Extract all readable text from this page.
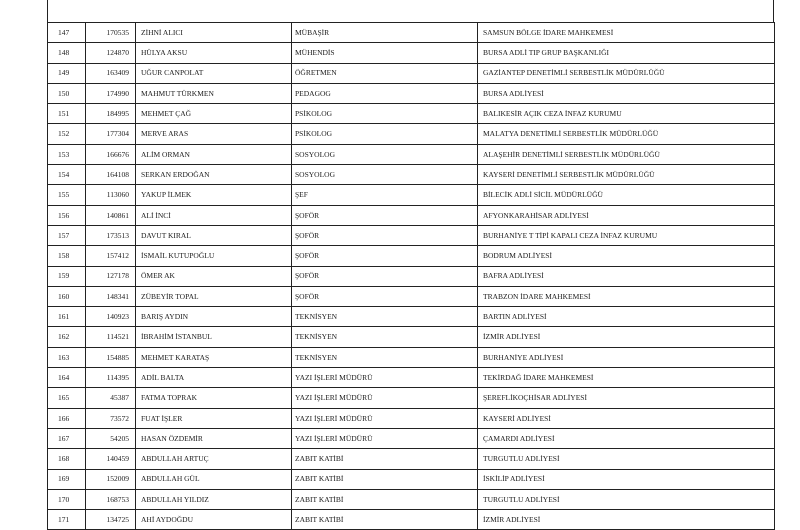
147	170535	ZİHNİ ALICI	MÜBAŞİR	SAMSUN BÖLGE İDARE MAHKEMESİ
148	124870	HÜLYA AKSU	MÜHENDİS	BURSA ADLİ TIP GRUP BAŞKANLIĞI
149	163409	UĞUR CANPOLAT	ÖĞRETMEN	GAZİANTEP DENETİMLİ SERBESTLİK MÜDÜRLÜĞÜ
150	174990	MAHMUT TÜRKMEN	PEDAGOG	BURSA ADLİYESİ
151	184995	MEHMET ÇAĞ	PSİKOLOG	BALIKESİR AÇIK CEZA İNFAZ KURUMU
152	177304	MERVE ARAS	PSİKOLOG	MALATYA DENETİMLİ SERBESTLİK MÜDÜRLÜĞÜ
153	166676	ALİM ORMAN	SOSYOLOG	ALAŞEHİR DENETİMLİ SERBESTLİK MÜDÜRLÜĞÜ
154	164108	SERKAN ERDOĞAN	SOSYOLOG	KAYSERİ DENETİMLİ SERBESTLİK MÜDÜRLÜĞÜ
155	113060	YAKUP İLMEK	ŞEF	BİLECİK ADLİ SİCİL MÜDÜRLÜĞÜ
156	140861	ALİ İNCİ	ŞOFÖR	AFYONKARAHİSAR ADLİYESİ
157	173513	DAVUT KIRAL	ŞOFÖR	BURHANİYE T TİPİ KAPALI CEZA İNFAZ KURUMU
158	157412	İSMAİL KUTUPOĞLU	ŞOFÖR	BODRUM ADLİYESİ
159	127178	ÖMER AK	ŞOFÖR	BAFRA ADLİYESİ
160	148341	ZÜBEYİR TOPAL	ŞOFÖR	TRABZON İDARE MAHKEMESİ
161	140923	BARIŞ AYDIN	TEKNİSYEN	BARTIN ADLİYESİ
162	114521	İBRAHİM İSTANBUL	TEKNİSYEN	İZMİR ADLİYESİ
163	154885	MEHMET KARATAŞ	TEKNİSYEN	BURHANİYE ADLİYESİ
164	114395	ADİL BALTA	YAZI İŞLERİ MÜDÜRÜ	TEKİRDAĞ İDARE MAHKEMESİ
165	45387	FATMA TOPRAK	YAZI İŞLERİ MÜDÜRÜ	ŞEREFLİKOÇHİSAR ADLİYESİ
166	73572	FUAT İŞLER	YAZI İŞLERİ MÜDÜRÜ	KAYSERİ ADLİYESİ
167	54205	HASAN ÖZDEMİR	YAZI İŞLERİ MÜDÜRÜ	ÇAMARDI ADLİYESİ
168	140459	ABDULLAH ARTUÇ	ZABIT KATİBİ	TURGUTLU ADLİYESİ
169	152009	ABDULLAH GÜL	ZABIT KATİBİ	İSKİLİP ADLİYESİ
170	168753	ABDULLAH YILDIZ	ZABIT KATİBİ	TURGUTLU ADLİYESİ
171	134725	AHİ AYDOĞDU	ZABIT KATİBİ	İZMİR ADLİYESİ
